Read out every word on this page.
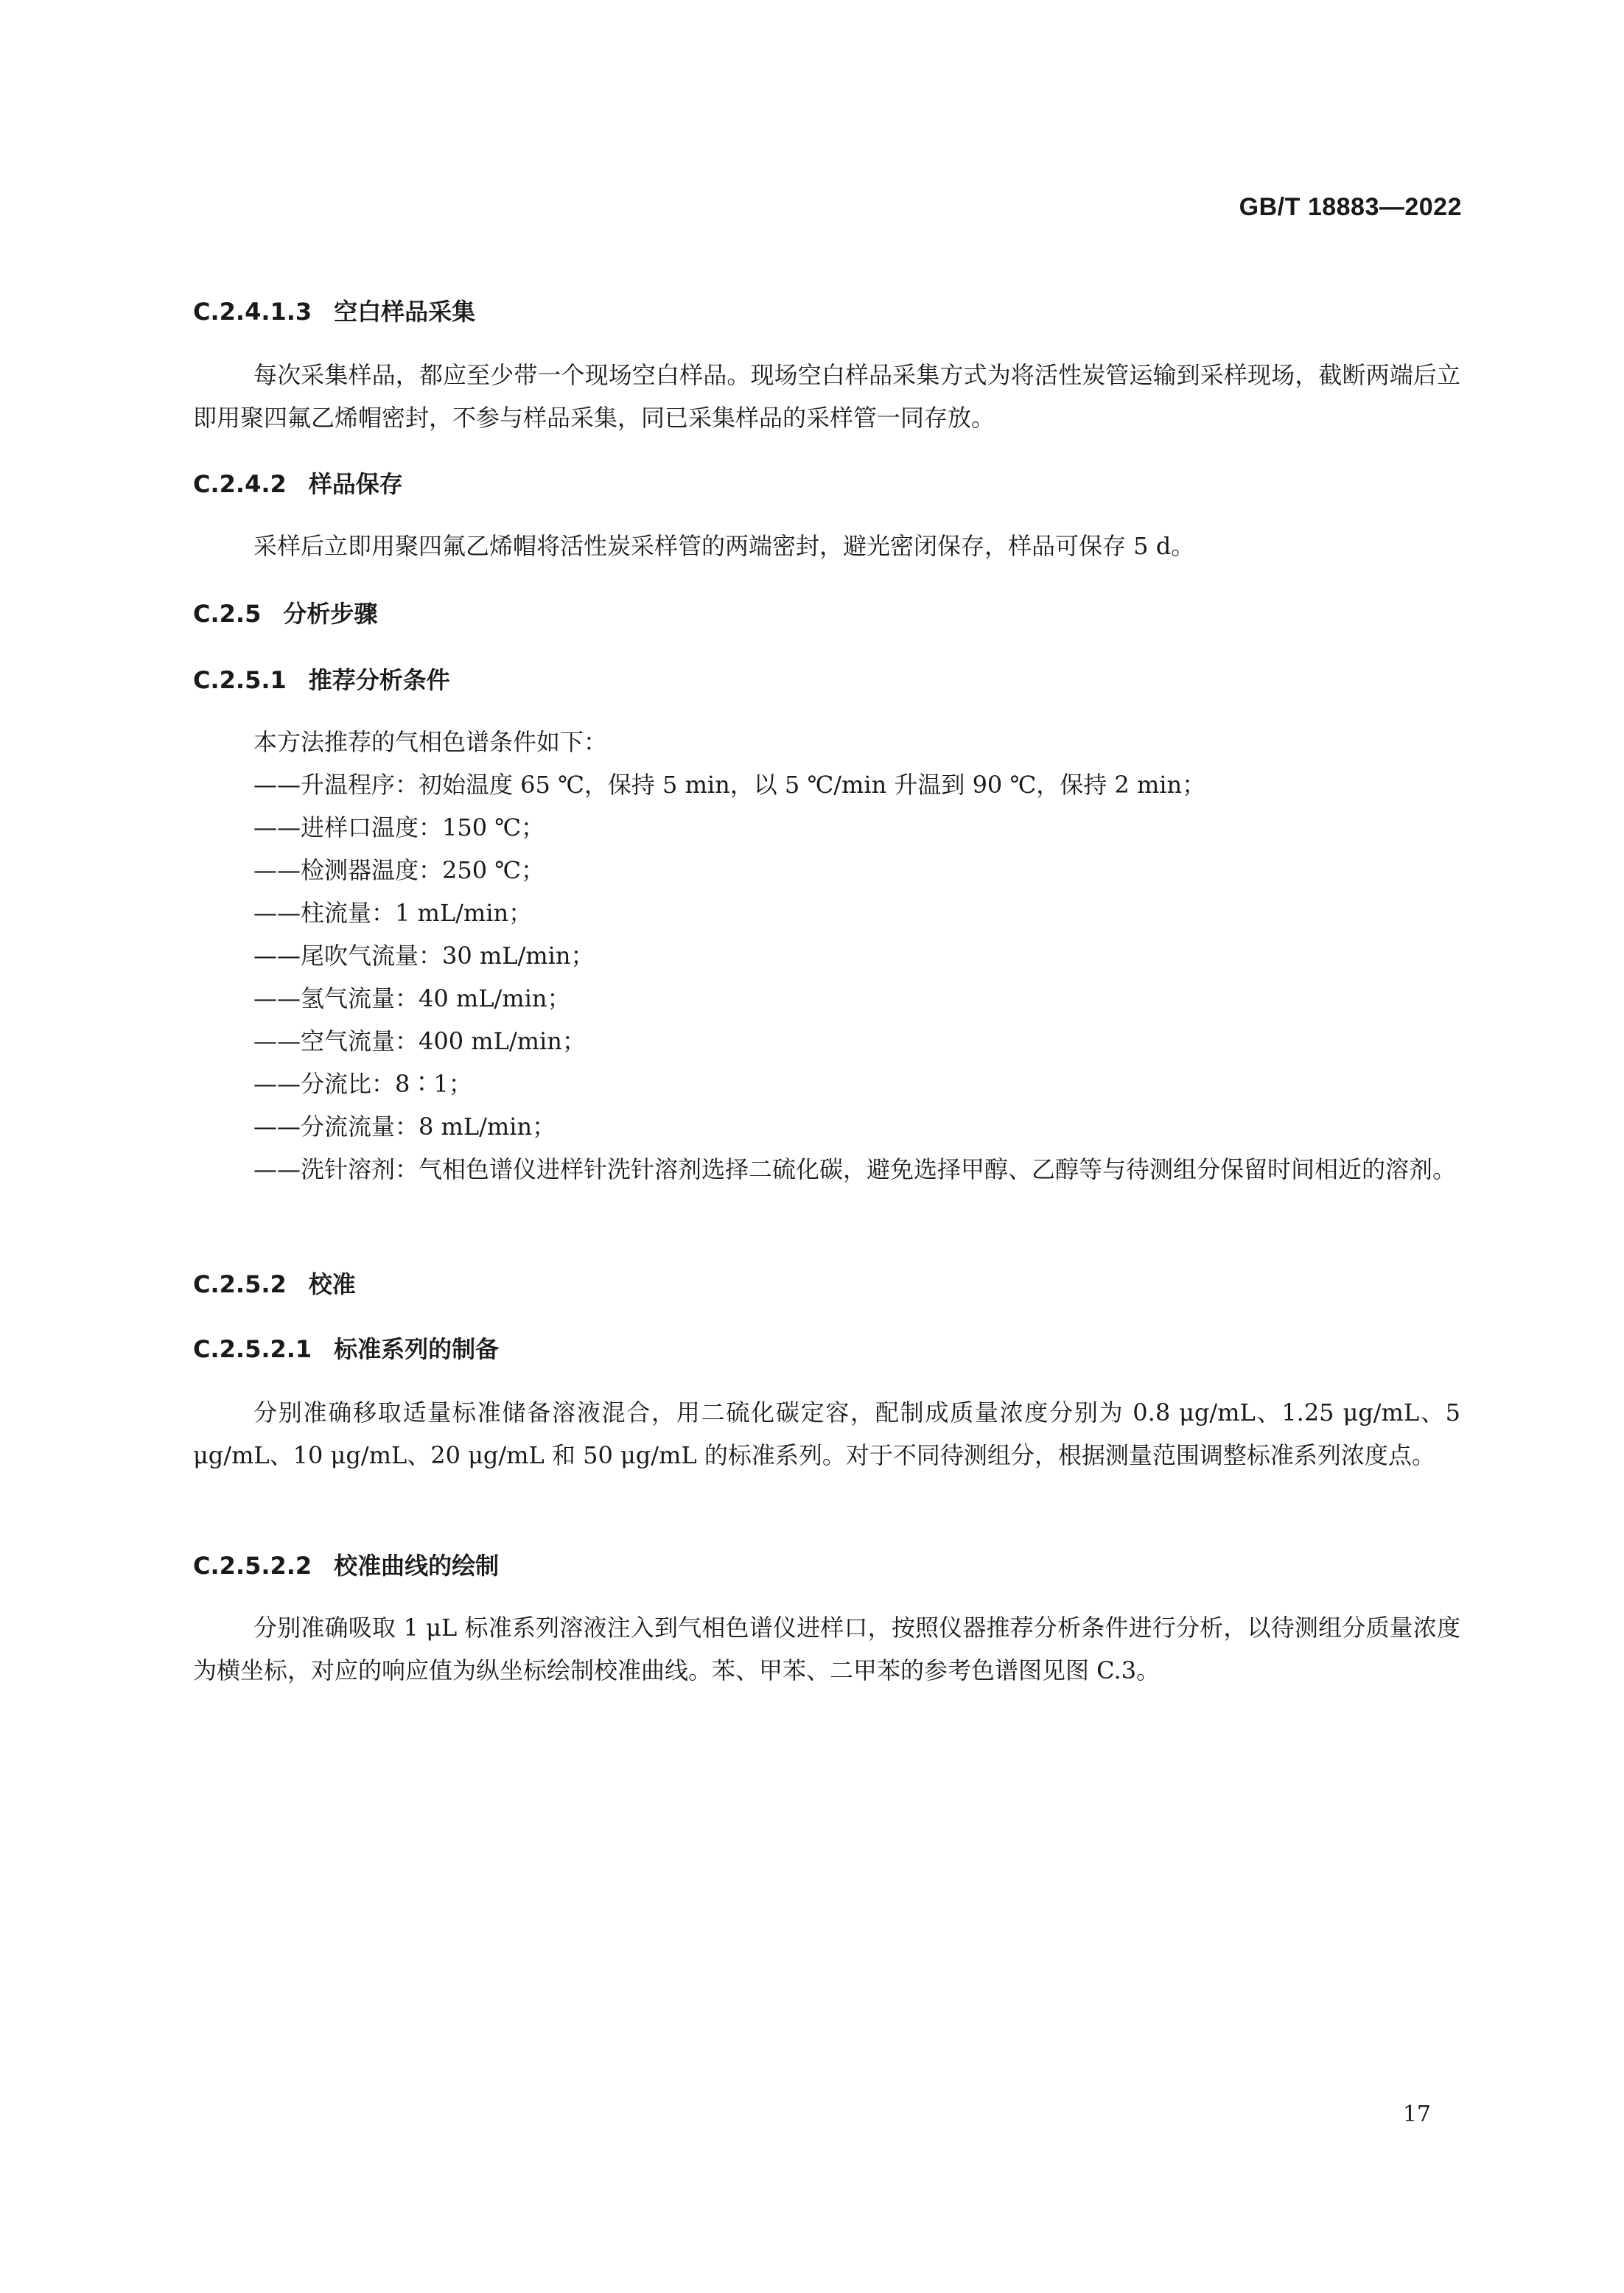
GB/T 18883—2022
C.2.4.1.3 空白样品采集
每次采集样品，都应至少带一个现场空白样品。现场空白样品采集方式为将活性炭管运输到采样现场，截断两端后立即用聚四氟乙烯帽密封，不参与样品采集，同已采集样品的采样管一同存放。
C.2.4.2 样品保存
采样后立即用聚四氟乙烯帽将活性炭采样管的两端密封，避光密闭保存，样品可保存 5 d。
C.2.5 分析步骤
C.2.5.1 推荐分析条件
本方法推荐的气相色谱条件如下：
——升温程序：初始温度 65 ℃，保持 5 min，以 5 ℃/min 升温到 90 ℃，保持 2 min；
——进样口温度：150 ℃；
——检测器温度：250 ℃；
——柱流量：1 mL/min；
——尾吹气流量：30 mL/min；
——氢气流量：40 mL/min；
——空气流量：400 mL/min；
——分流比：8∶1；
——分流流量：8 mL/min；
——洗针溶剂：气相色谱仪进样针洗针溶剂选择二硫化碳，避免选择甲醇、乙醇等与待测组分保留时间相近的溶剂。
C.2.5.2 校准
C.2.5.2.1 标准系列的制备
分别准确移取适量标准储备溶液混合，用二硫化碳定容，配制成质量浓度分别为 0.8 μg/mL、1.25 μg/mL、5 μg/mL、10 μg/mL、20 μg/mL 和 50 μg/mL 的标准系列。对于不同待测组分，根据测量范围调整标准系列浓度点。
C.2.5.2.2 校准曲线的绘制
分别准确吸取 1 μL 标准系列溶液注入到气相色谱仪进样口，按照仪器推荐分析条件进行分析，以待测组分质量浓度为横坐标，对应的响应值为纵坐标绘制校准曲线。苯、甲苯、二甲苯的参考色谱图见图 C.3。
17
